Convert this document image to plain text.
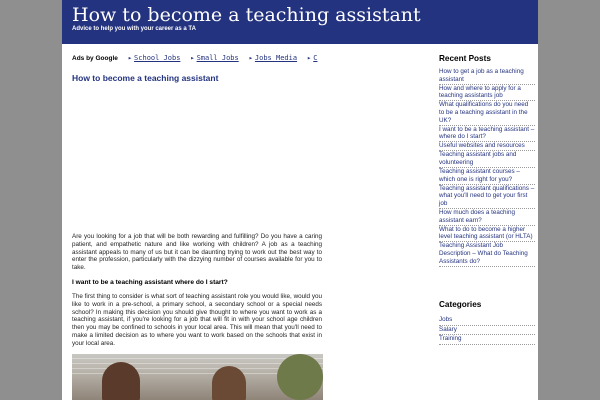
How to become a teaching assistant
Advice to help you with your career as a TA
Ads by Google ▸ School Jobs ▸ Small Jobs ▸ Jobs Media ▸ C
How to become a teaching assistant
Are you looking for a job that will be both rewarding and fulfilling? Do you have a caring patient, and empathetic nature and like working with children? A job as a teaching assistant appeals to many of us but it can be daunting trying to work out the best way to enter the profession, particularly with the dizzying number of courses available for you to take.
I want to be a teaching assistant where do I start?
The first thing to consider is what sort of teaching assistant role you would like, would you like to work in a pre-school, a primary school, a secondary school or a special needs school? In making this decision you should give thought to where you want to work as a teaching assistant, if you're looking for a job that will fit in with your school age children then you may be confined to schools in your local area. This will mean that you'll need to make a limited decision as to where you want to work based on the schools that exist in your local area.
Recent Posts
How to get a job as a teaching assistant
How and where to apply for a teaching assistants job
What qualifications do you need to be a teaching assistant in the UK?
I want to be a teaching assistant – where do I start?
Useful websites and resources
Teaching assistant jobs and volunteering
Teaching assistant courses – which one is right for you?
Teaching assistant qualifications – what you'll need to get your first job
How much does a teaching assistant earn?
What to do to become a higher level teaching assistant (or HLTA)
Teaching Assistant Job Description – What do Teaching Assistants do?
Categories
Jobs
Salary
Training
